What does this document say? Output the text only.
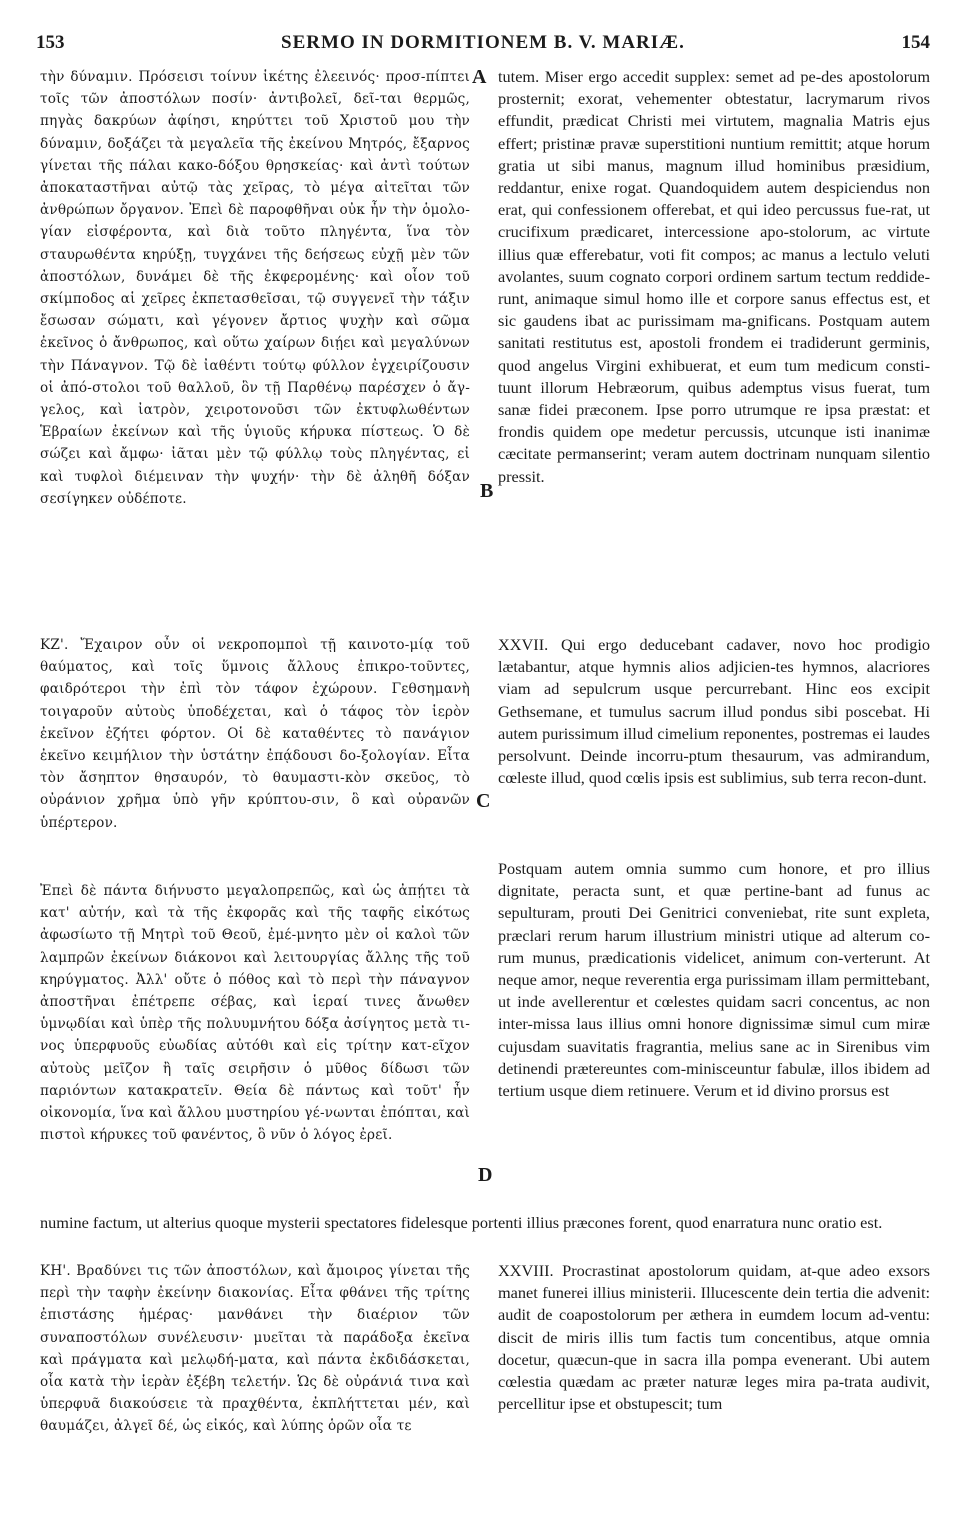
153	SERMO IN DORMITIONEM B. V. MARIÆ.	154
A
B
C
D

τὴν δύναμιν. Πρόσεισι τοίνυν ἱκέτης ἐλεεινός· προσ-πίπτει τοῖς τῶν ἀποστόλων ποσίν· ἀντιβολεῖ, δεῖ-ται θερμῶς, πηγὰς δακρύων ἀφίησι, κηρύττει τοῦ Χριστοῦ μου τὴν δύναμιν, δοξάζει τὰ μεγαλεῖα τῆς ἐκείνου Μητρός, ἔξαρνος γίνεται τῆς πάλαι κακο-δόξου θρησκείας· καὶ ἀντὶ τούτων ἀποκαταστῆναι αὐτῷ τὰς χεῖρας, τὸ μέγα αἰτεῖται τῶν ἀνθρώπων ὄργανον. Ἐπεὶ δὲ παροφθῆναι οὐκ ἦν τὴν ὁμολο-γίαν εἰσφέροντα, καὶ διὰ τοῦτο πληγέντα, ἵνα τὸν σταυρωθέντα κηρύξῃ, τυγχάνει τῆς δεήσεως εὐχῇ μὲν τῶν ἀποστόλων, δυνάμει δὲ τῆς ἐκφερομένης· καὶ οἷον τοῦ σκίμποδος αἱ χεῖρες ἐκπετασθεῖσαι, τῷ συγγενεῖ τὴν τάξιν ἔσωσαν σώματι, καὶ γέγονεν ἄρτιος ψυχὴν καὶ σῶμα ἐκεῖνος ὁ ἄνθρωπος, καὶ οὕτω χαίρων διῄει καὶ μεγαλύνων τὴν Πάναγνον. Τῷ δὲ ἰαθέντι τούτῳ φύλλον ἐγχειρίζουσιν οἱ ἀπό-στολοι τοῦ θαλλοῦ, ὃν τῇ Παρθένῳ παρέσχεν ὁ ἄγ-γελος, καὶ ἰατρὸν, χειροτονοῦσι τῶν ἐκτυφλωθέντων Ἑβραίων ἐκείνων καὶ τῆς ὑγιοῦς κήρυκα πίστεως. Ὁ δὲ σώζει καὶ ἄμφω· ἰᾶται μὲν τῷ φύλλῳ τοὺς πληγέντας, εἰ καὶ τυφλοὶ διέμειναν τὴν ψυχήν· τὴν δὲ ἀληθῆ δόξαν σεσίγηκεν οὐδέποτε.

ΚΖ'. Ἔχαιρον οὖν οἱ νεκροπομποὶ τῇ καινοτο-μίᾳ τοῦ θαύματος, καὶ τοῖς ὕμνοις ἄλλους ἐπικρο-τοῦντες, φαιδρότεροι τὴν ἐπὶ τὸν τάφον ἐχώρουν. Γεθσημανὴ τοιγαροῦν αὐτοὺς ὑποδέχεται, καὶ ὁ τάφος τὸν ἱερὸν ἐκεῖνον ἐζήτει φόρτον. Οἱ δὲ καταθέντες τὸ πανάγιον ἐκεῖνο κειμήλιον τὴν ὑστάτην ἐπᾴδουσι δο-ξολογίαν. Εἶτα τὸν ἄσηπτον θησαυρόν, τὸ θαυμαστι-κὸν σκεῦος, τὸ οὐράνιον χρῆμα ὑπὸ γῆν κρύπτου-σιν, ὃ καὶ οὐρανῶν ὑπέρτερον.

Ἐπεὶ δὲ πάντα διήνυστο μεγαλοπρεπῶς, καὶ ὡς ἀπῄτει τὰ κατ' αὐτήν, καὶ τὰ τῆς ἐκφορᾶς καὶ τῆς ταφῆς εἰκότως ἀφωσίωτο τῇ Μητρὶ τοῦ Θεοῦ, ἐμέ-μνητο μὲν οἱ καλοὶ τῶν λαμπρῶν ἐκείνων διάκονοι καὶ λειτουργίας ἄλλης τῆς τοῦ κηρύγματος. Ἀλλ' οὔτε ὁ πόθος καὶ τὸ περὶ τὴν πάναγνον ἀποστῆναι ἐπέτρεπε σέβας, καὶ ἱεραί τινες ἄνωθεν ὑμνῳδίαι καὶ ὑπὲρ τῆς πολυυμνήτου δόξα ἀσίγητος μετὰ τι-νος ὑπερφυοῦς εὐωδίας αὐτόθι καὶ εἰς τρίτην κατ-εῖχον αὐτοὺς μεῖζον ἢ ταῖς σειρῆσιν ὁ μῦθος δίδωσι τῶν παριόντων κατακρατεῖν. Θεία δὲ πάντως καὶ τοῦτ' ἦν οἰκονομία, ἵνα καὶ ἄλλου μυστηρίου γέ-νωνται ἐπόπται, καὶ πιστοὶ κήρυκες τοῦ φανέντος, ὃ νῦν ὁ λόγος ἐρεῖ.

tutem. Miser ergo accedit supplex: semet ad pe-des apostolorum prosternit; exorat, vehementer obtestatur, lacrymarum rivos effundit, prædicat Christi mei virtutem, magnalia Matris ejus effert; pristinæ pravæ superstitioni nuntium remittit; atque horum gratia ut sibi manus, magnum illud hominibus præsidium, reddantur, enixe rogat. Quandoquidem autem despiciendus non erat, qui confessionem offerebat, et qui ideo percussus fue-rat, ut crucifixum prædicaret, intercessione apo-stolorum, ac virtute illius quæ efferebatur, voti fit compos; ac manus a lectulo veluti avolantes, suum cognato corpori ordinem sartum tectum reddide-runt, animaque simul homo ille et corpore sanus effectus est, et sic gaudens ibat ac purissimam ma-gnificans. Postquam autem sanitati restitutus est, apostoli frondem ei tradiderunt germinis, quod angelus Virgini exhibuerat, et eum tum medicum consti-tuunt illorum Hebræorum, quibus ademptus visus fuerat, tum sanæ fidei præconem. Ipse porro utrumque re ipsa præstat: et frondis quidem ope medetur percussis, utcunque isti inanimæ cæcitate permanserint; veram autem doctrinam nunquam silentio pressit.

XXVII. Qui ergo deducebant cadaver, novo hoc prodigio lætabantur, atque hymnis alios adjicien-tes hymnos, alacriores viam ad sepulcrum usque percurrebant. Hinc eos excipit Gethsemane, et tumulus sacrum illud pondus sibi poscebat. Hi autem purissimum illud cimelium reponentes, postremas ei laudes persolvunt. Deinde incorru-ptum thesaurum, vas admirandum, cœleste illud, quod cœlis ipsis est sublimius, sub terra recon-dunt.

Postquam autem omnia summo cum honore, et pro illius dignitate, peracta sunt, et quæ pertine-bant ad funus ac sepulturam, prouti Dei Genitrici conveniebat, rite sunt expleta, præclari rerum harum illustrium ministri utique ad alterum co-rum munus, prædicationis videlicet, animum con-verterunt. At neque amor, neque reverentia erga purissimam illam permittebant, ut inde avellerentur et cœlestes quidam sacri concentus, ac non inter-missa laus illius omni honore dignissimæ simul cum miræ cujusdam suavitatis fragrantia, melius sane ac in Sirenibus vim detinendi prætereuntes com-minisceuntur fabulæ, illos ibidem ad tertium usque diem retinuere. Verum et id divino prorsus est

numine factum, ut alterius quoque mysterii spectatores fidelesque portenti illius præcones forent, quod enarratura nunc oratio est.

ΚΗ'. Βραδύνει τις τῶν ἀποστόλων, καὶ ἄμοιρος γίνεται τῆς περὶ τὴν ταφὴν ἐκείνην διακονίας. Εἶτα φθάνει τῆς τρίτης ἐπιστάσης ἡμέρας· μανθάνει τὴν διαέριον τῶν συναποστόλων συνέλευσιν· μυεῖται τὰ παράδοξα ἐκεῖνα καὶ πράγματα καὶ μελῳδή-ματα, καὶ πάντα ἐκδιδάσκεται, οἷα κατὰ τὴν ἱερὰν ἐξέβη τελετήν. Ὡς δὲ οὐράνιά τινα καὶ ὑπερφυᾶ διακούσειε τὰ πραχθέντα, ἐκπλήττεται μέν, καὶ θαυμάζει, ἀλγεῖ δέ, ὡς εἰκός, καὶ λύπης ὁρῶν οἷα τε

XXVIII. Procrastinat apostolorum quidam, at-que adeo exsors manet funerei illius ministerii. Illucescente dein tertia die advenit: audit de coapostolorum per æthera in eumdem locum ad-ventu: discit de miris illis tum factis tum concentibus, atque omnia docetur, quæcun-que in sacra illa pompa evenerant. Ubi autem cœlestia quædam ac præter naturæ leges mira pa-trata audivit, percellitur ipse et obstupescit; tum
